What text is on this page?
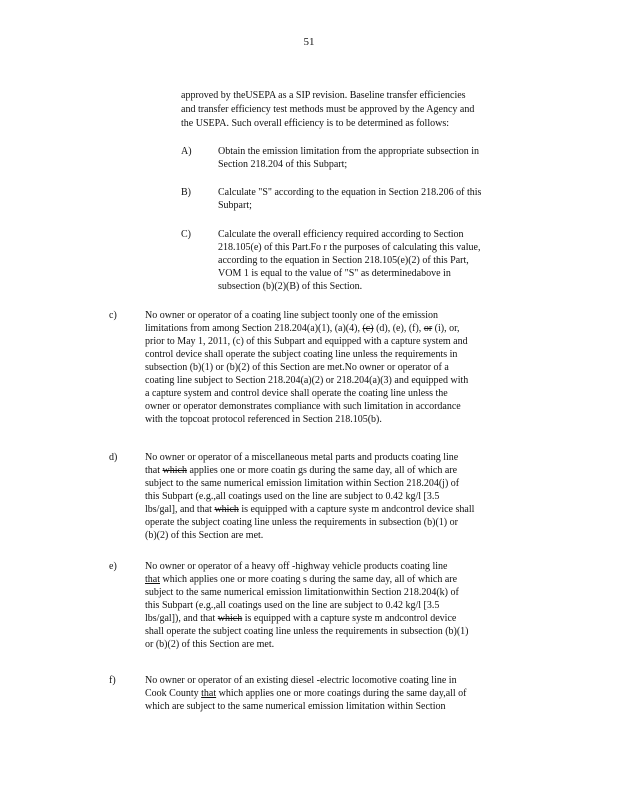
51
approved by theUSEPA as a SIP revision. Baseline transfer efficiencies
and transfer efficiency test methods must be approved by the Agency and
the USEPA. Such overall efficiency is to be determined as follows:
A)	Obtain the emission limitation from the appropriate subsection in
Section 218.204 of this Subpart;
B)	Calculate "S" according to the equation in Section 218.206 of this
Subpart;
C)	Calculate the overall efficiency required according to Section
218.105(e) of this Part.Fo r the purposes of calculating this value,
according to the equation in Section 218.105(e)(2) of this Part,
VOM 1 is equal to the value of "S" as determinedabove in
subsection (b)(2)(B) of this Section.
c)	No owner or operator of a coating line subject toonly one of the emission
limitations from among Section 218.204(a)(1), (a)(4), (c) (d), (e), (f), or (i), or,
prior to May 1, 2011, (c) of this Subpart and equipped with a capture system and
control device shall operate the subject coating line unless the requirements in
subsection (b)(1) or (b)(2) of this Section are met.No owner or operator of a
coating line subject to Section 218.204(a)(2) or 218.204(a)(3) and equipped with
a capture system and control device shall operate the coating line unless the
owner or operator demonstrates compliance with such limitation in accordance
with the topcoat protocol referenced in Section 218.105(b).
d)	No owner or operator of a miscellaneous metal parts and products coating line
that which applies one or more coatin gs during the same day, all of which are
subject to the same numerical emission limitation within Section 218.204(j) of
this Subpart (e.g.,all coatings used on the line are subject to 0.42 kg/l [3.5
lbs/gal], and that which is equipped with a capture syste m andcontrol device shall
operate the subject coating line unless the requirements in subsection (b)(1) or
(b)(2) of this Section are met.
e)	No owner or operator of a heavy off -highway vehicle products coating line
that which applies one or more coating s during the same day, all of which are
subject to the same numerical emission limitationwithin Section 218.204(k) of
this Subpart (e.g.,all coatings used on the line are subject to 0.42 kg/l [3.5
lbs/gal]), and that which is equipped with a capture syste m andcontrol device
shall operate the subject coating line unless the requirements in subsection (b)(1)
or (b)(2) of this Section are met.
f)	No owner or operator of an existing diesel -electric locomotive coating line in
Cook County that which applies one or more coatings during the same day,all of
which are subject to the same numerical emission limitation within Section
